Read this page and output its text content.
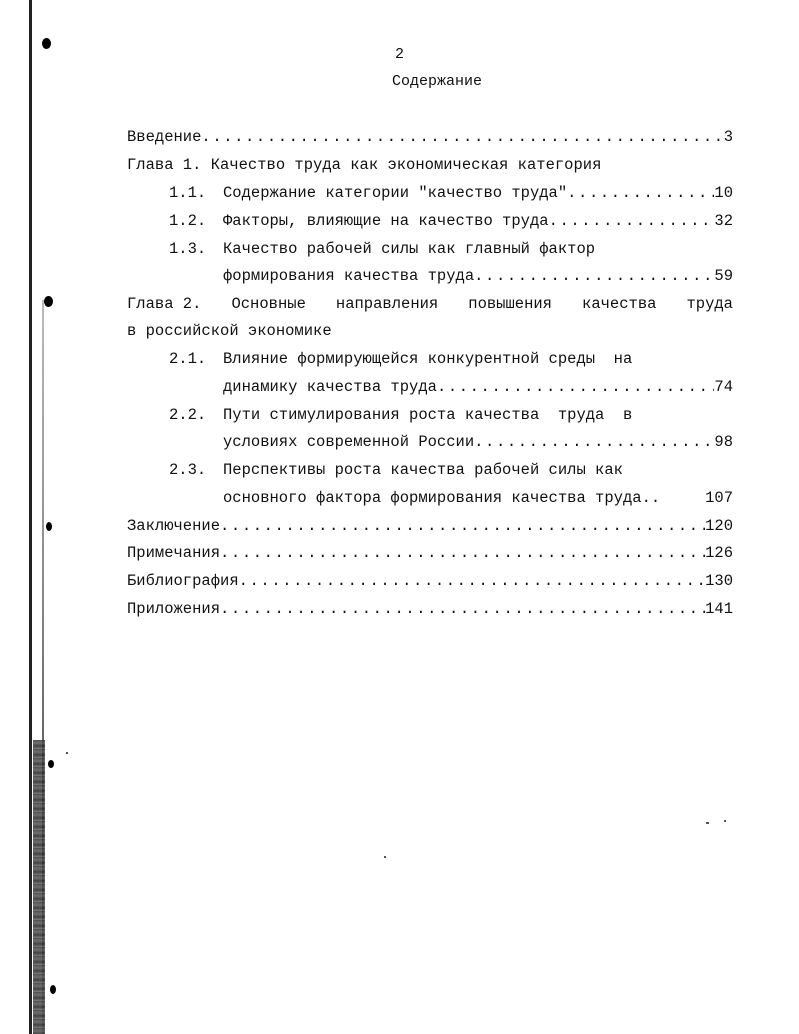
2
Содержание
Введение .....	3
Глава 1. Качество труда как экономическая категория
1.1. Содержание категории "качество труда" .....	10
1.2. Факторы, влияющие на качество труда .....	32
1.3. Качество рабочей силы как главный фактор
формирования качества труда .....	59
Глава 2. Основные направления повышения качества труда
в российской экономике
2.1. Влияние формирующейся конкурентной среды  на
динамику качества труда .....	74
2.2. Пути стимулирования роста качества  труда  в
условиях современной России .....	98
2.3. Перспективы роста качества рабочей силы как
основного фактора формирования качества труда..	107
Заключение .....	120
Примечания .....	126
Библиография .....	130
Приложения .....	141
